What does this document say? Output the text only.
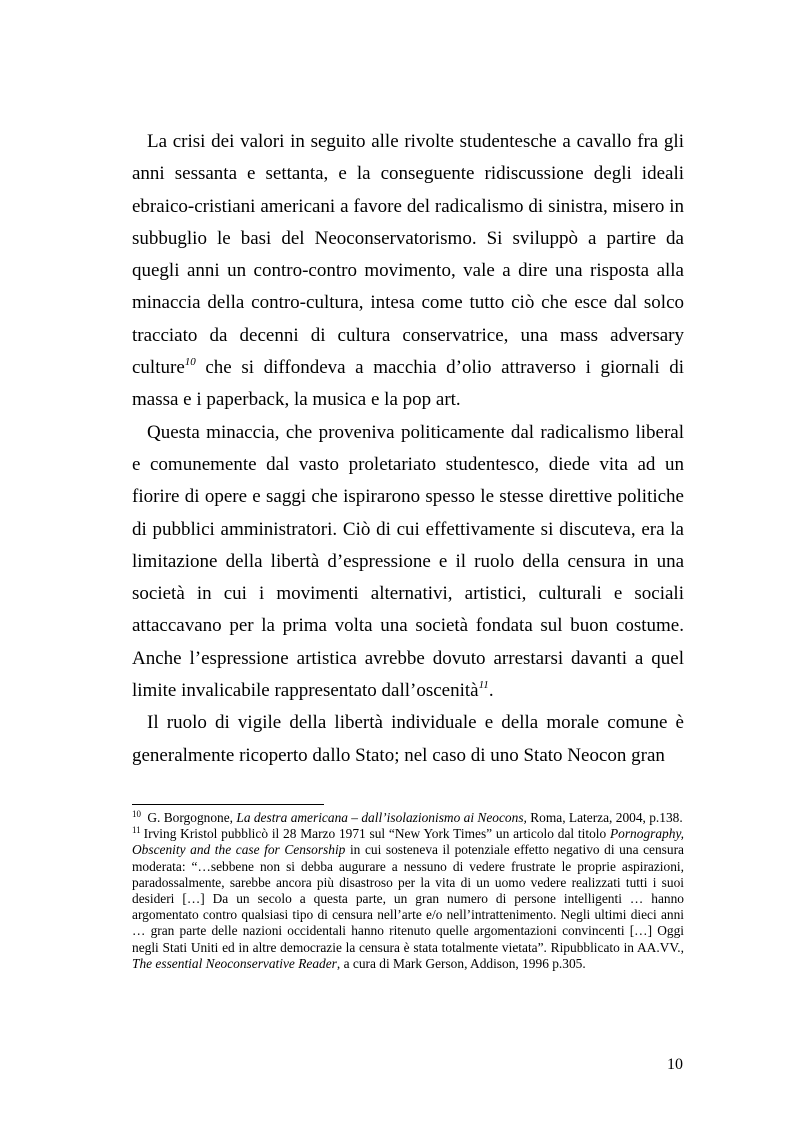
La crisi dei valori in seguito alle rivolte studentesche a cavallo fra gli anni sessanta e settanta, e la conseguente ridiscussione degli ideali ebraico-cristiani americani a favore del radicalismo di sinistra, misero in subbuglio le basi del Neoconservatorismo. Si sviluppò a partire da quegli anni un contro-contro movimento, vale a dire una risposta alla minaccia della contro-cultura, intesa come tutto ciò che esce dal solco tracciato da decenni di cultura conservatrice, una mass adversary culture$^{10}$ che si diffondeva a macchia d’olio attraverso i giornali di massa e i paperback, la musica e la pop art.

Questa minaccia, che proveniva politicamente dal radicalismo liberal e comunemente dal vasto proletariato studentesco, diede vita ad un fiorire di opere e saggi che ispirarono spesso le stesse direttive politiche di pubblici amministratori. Ciò di cui effettivamente si discuteva, era la limitazione della libertà d’espressione e il ruolo della censura in una società in cui i movimenti alternativi, artistici, culturali e sociali attaccavano per la prima volta una società fondata sul buon costume. Anche l’espressione artistica avrebbe dovuto arrestarsi davanti a quel limite invalicabile rappresentato dall’oscenità$^{11}$.

Il ruolo di vigile della libertà individuale e della morale comune è generalmente ricoperto dallo Stato; nel caso di uno Stato Neocon gran

$^{10}$ G. Borgognone, La destra americana – dall’isolazionismo ai Neocons, Roma, Laterza, 2004, p.138.

$^{11}$ Irving Kristol pubblicò il 28 Marzo 1971 sul “New York Times” un articolo dal titolo Pornography, Obscenity and the case for Censorship in cui sosteneva il potenziale effetto negativo di una censura moderata: “…sebbene non si debba augurare a nessuno di vedere frustrate le proprie aspirazioni, paradossalmente, sarebbe ancora più disastroso per la vita di un uomo vedere realizzati tutti i suoi desideri […] Da un secolo a questa parte, un gran numero di persone intelligenti … hanno argomentato contro qualsiasi tipo di censura nell’arte e/o nell’intrattenimento. Negli ultimi dieci anni … gran parte delle nazioni occidentali hanno ritenuto quelle argomentazioni convincenti […] Oggi negli Stati Uniti ed in altre democrazie la censura è stata totalmente vietata”. Ripubblicato in AA.VV., The essential Neoconservative Reader, a cura di Mark Gerson, Addison, 1996 p.305.

10
